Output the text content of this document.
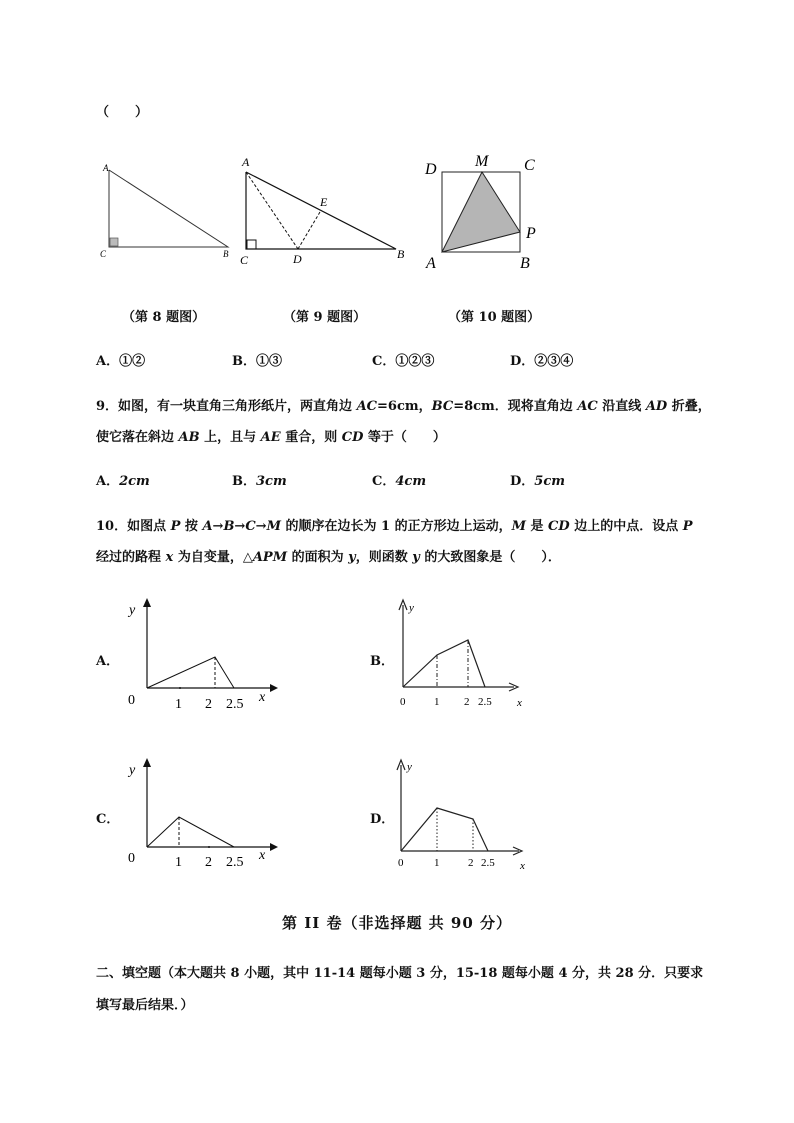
（　　）
A
C	B
A
C	D
E
B
D M C
P
A	B
（第 8 题图）	（第 9 题图）	（第 10 题图）
A．①②	B．①③	C．①②③	D．②③④
9．如图，有一块直角三角形纸片，两直角边 AC=6cm，BC=8cm．现将直角边 AC 沿直线 AD 折叠，
使它落在斜边 AB 上，且与 AE 重合，则 CD 等于（　　）
A．2cm	B．3cm	C．4cm	D．5cm
10．如图点 P 按 A→B→C→M 的顺序在边长为 1 的正方形边上运动，M 是 CD 边上的中点．设点 P
经过的路程 x 为自变量，△APM 的面积为 y，则函数 y 的大致图象是（　　）．
A．	B．
C．	D．
y
x
0	1 2 2.5
y
x
0	1 2 2.5
y
x
0	1 2 2.5
y
x
0	1	2 2.5
第 II 卷（非选择题 共 90 分）
二、填空题（本大题共 8 小题，其中 11-14 题每小题 3 分，15-18 题每小题 4 分，共 28 分．只要求
填写最后结果．）
